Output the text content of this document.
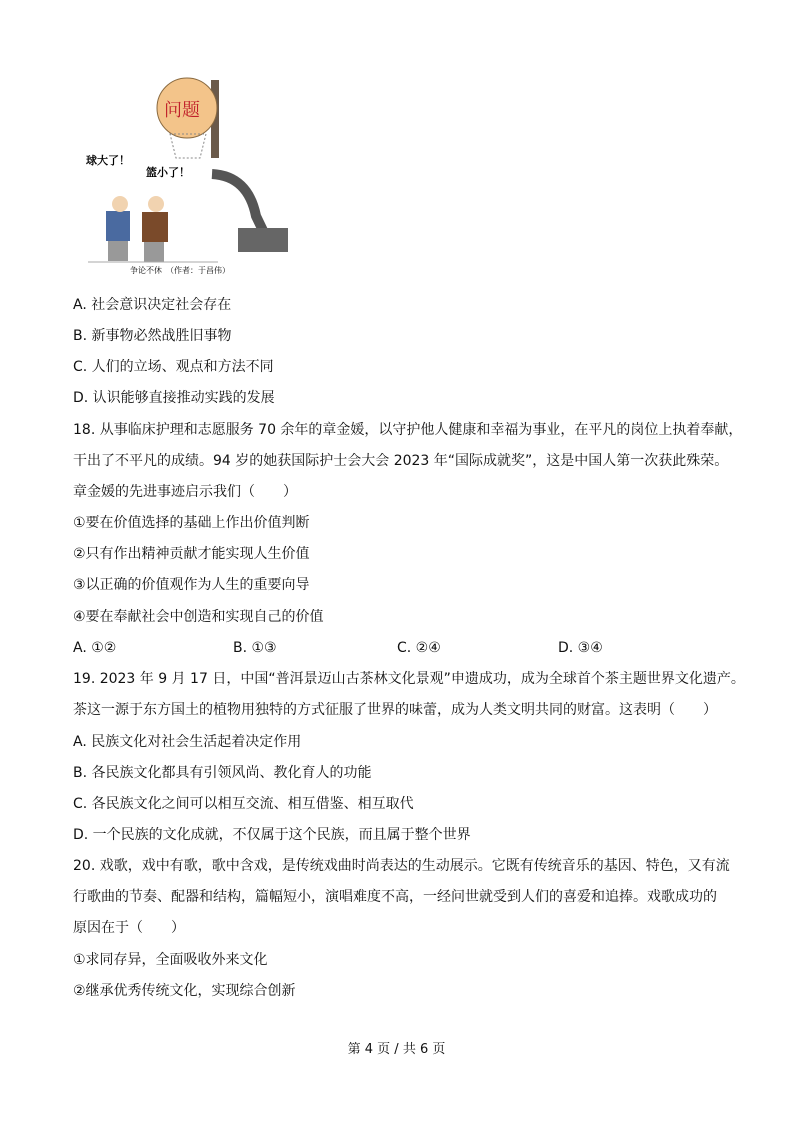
问题
球大了！
篮小了！
争论不休　（作者：于昌伟）
A. 社会意识决定社会存在
B. 新事物必然战胜旧事物
C. 人们的立场、观点和方法不同
D. 认识能够直接推动实践的发展
18. 从事临床护理和志愿服务 70 余年的章金媛，以守护他人健康和幸福为事业，在平凡的岗位上执着奉献，
干出了不平凡的成绩。94 岁的她获国际护士会大会 2023 年“国际成就奖”，这是中国人第一次获此殊荣。
章金媛的先进事迹启示我们（　　）
①要在价值选择的基础上作出价值判断
②只有作出精神贡献才能实现人生价值
③以正确的价值观作为人生的重要向导
④要在奉献社会中创造和实现自己的价值
A. ①②	B. ①③	C. ②④	D. ③④
19. 2023 年 9 月 17 日，中国“普洱景迈山古茶林文化景观”申遗成功，成为全球首个茶主题世界文化遗产。
茶这一源于东方国土的植物用独特的方式征服了世界的味蕾，成为人类文明共同的财富。这表明（　　）
A. 民族文化对社会生活起着决定作用
B. 各民族文化都具有引领风尚、教化育人的功能
C. 各民族文化之间可以相互交流、相互借鉴、相互取代
D. 一个民族的文化成就，不仅属于这个民族，而且属于整个世界
20. 戏歌，戏中有歌，歌中含戏，是传统戏曲时尚表达的生动展示。它既有传统音乐的基因、特色，又有流
行歌曲的节奏、配器和结构，篇幅短小，演唱难度不高，一经问世就受到人们的喜爱和追捧。戏歌成功的
原因在于（　　）
①求同存异，全面吸收外来文化
②继承优秀传统文化，实现综合创新
第 4 页 / 共 6 页
